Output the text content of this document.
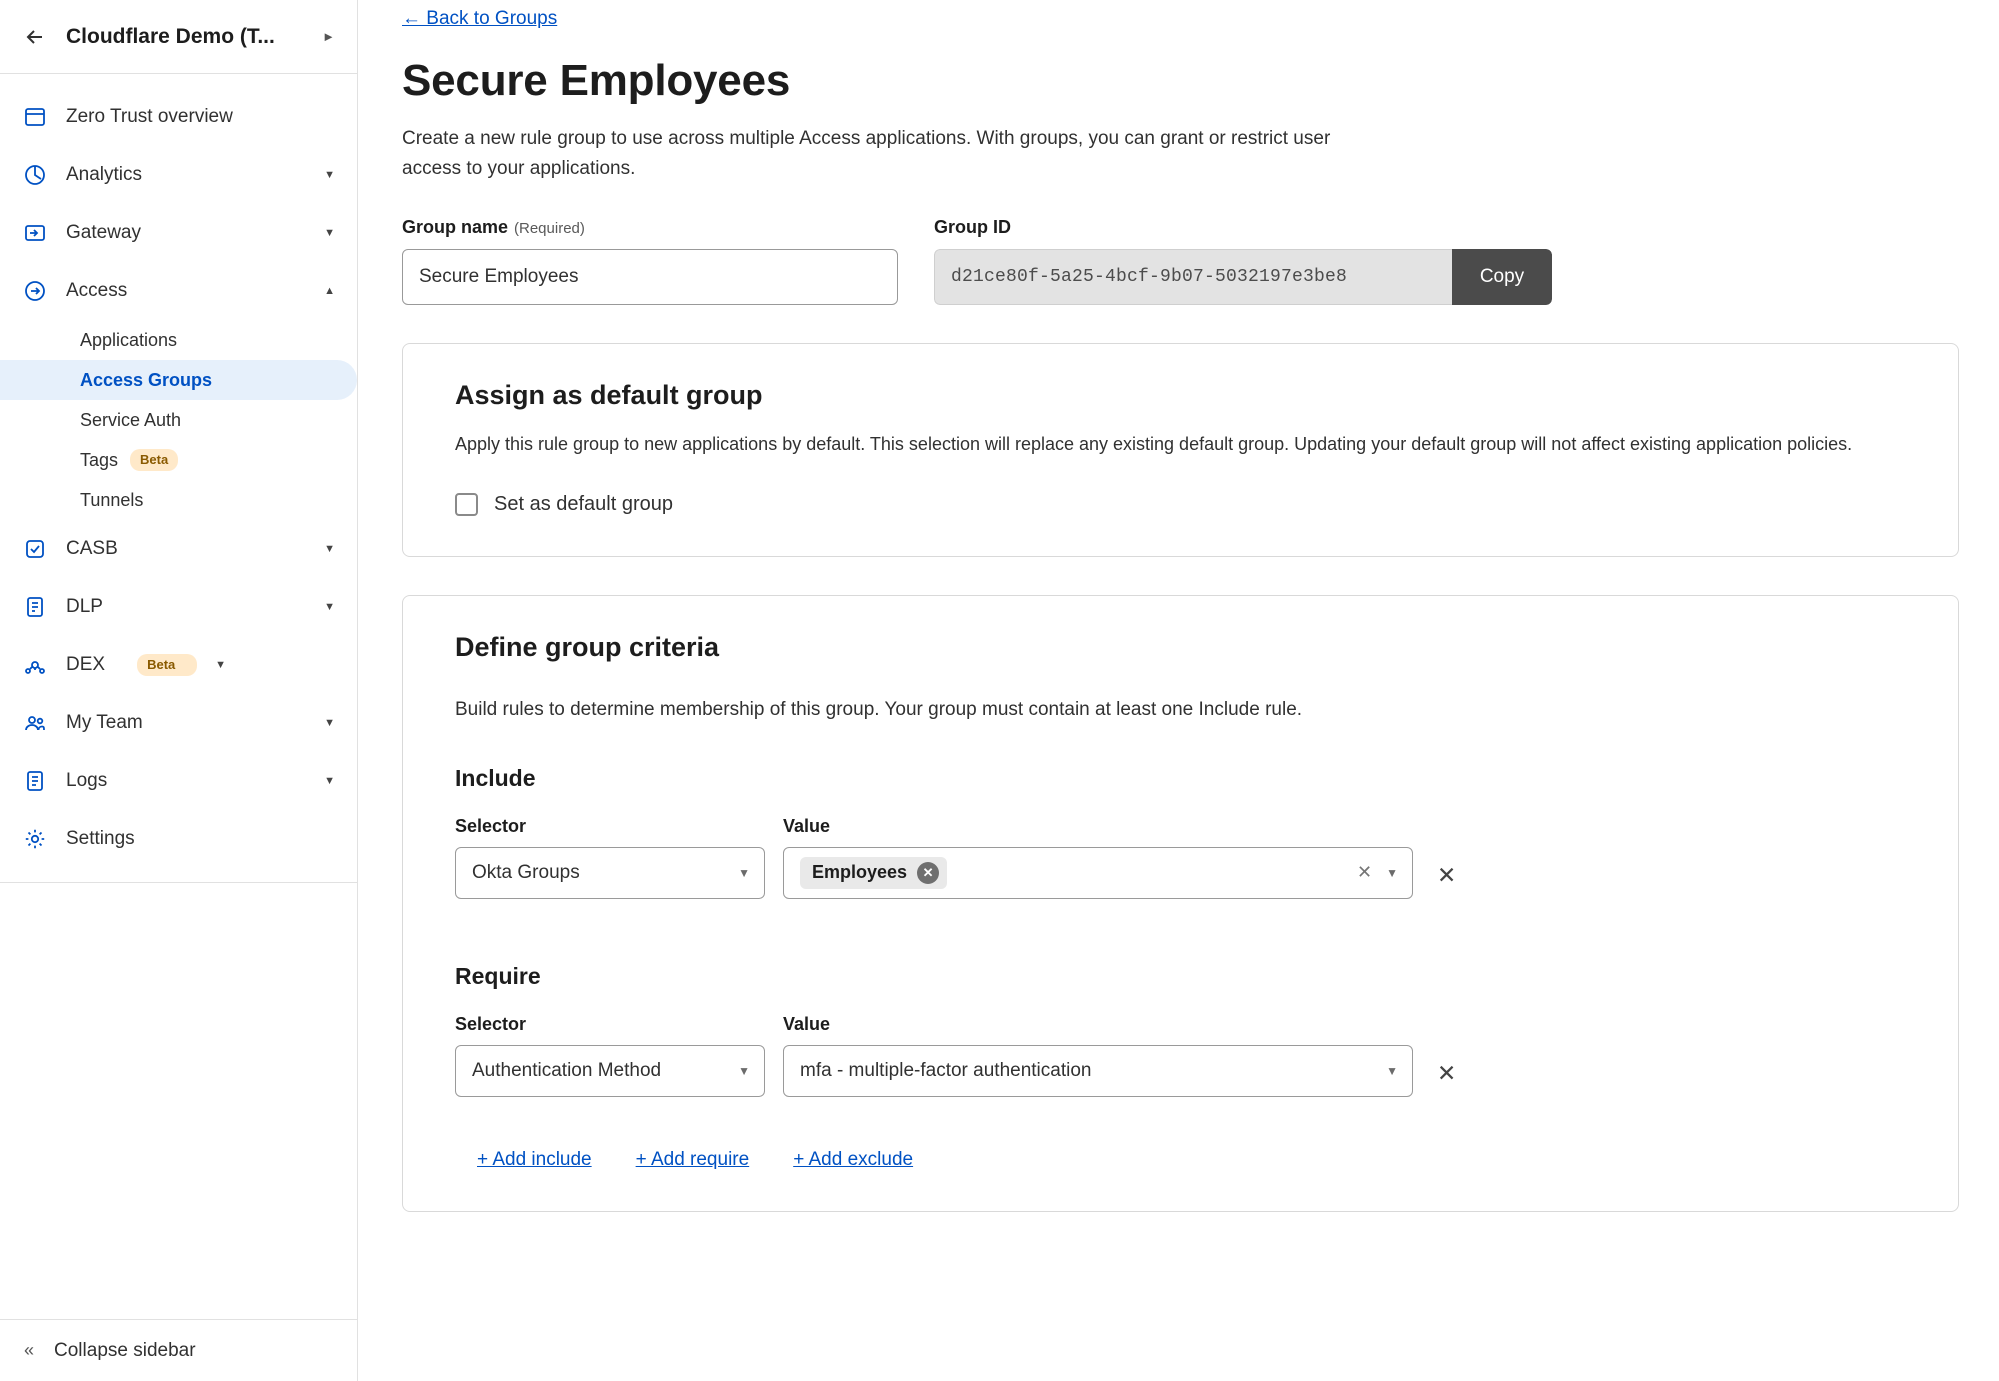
Cloudflare Demo (T...	►
Zero Trust overview
Analytics	▼
Gateway	▼
Access	▲
Applications
Access Groups
Service Auth
Tags	Beta
Tunnels
CASB	▼
DLP	▼
DEX	Beta	▼
My Team	▼
Logs	▼
Settings
« Collapse sidebar
← Back to Groups
Secure Employees

Create a new rule group to use across multiple Access applications. With groups, you can grant or restrict user access to your applications.

Group name (Required)
Secure Employees	Group ID
d21ce80f-5a25-4bcf-9b07-5032197e3be8	Copy
Assign as default group

Apply this rule group to new applications by default. This selection will replace any existing default group. Updating your default group will not affect existing application policies.

Set as default group
Define group criteria

Build rules to determine membership of this group. Your group must contain at least one Include rule.

Include
Selector
Okta Groups	▼
Value
Employees	✕	✕ ▼ ✕
Require
Selector
Authentication Method	▼
Value
mfa - multiple-factor authentication	▼ ✕
+ Add include + Add require + Add exclude
